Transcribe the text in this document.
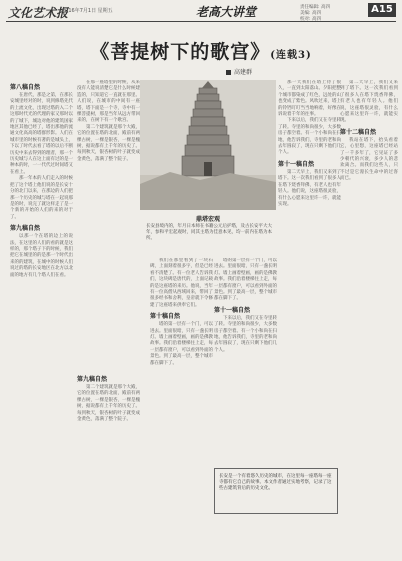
文化艺术报
2016年7月1日 星期五	老高大讲堂	责任编辑: 高四
美编: 高四
校对: 高四
A15
《菩提树下的歌宫》(连载3)
高建群
第八稿自然

在唐代，那是之第，在那长安城里经对的时，说到修塔先代的上流文化，出现过塔的入二个这那时代光的代理的家又那时以的了城下，城边对他的建筑国家地区其他已经了，塔出那他的流通文化高高的塔群形影。人们在城市里的时候有著的是城头上，下以了时代去看了塔的以后不断历史中来去得到的理者，那一个历史城与人在这上面有过的是一种本的时，一一代代过时间塔又在看上。

那一年本的人们走入的时候把了这个塔上他们说的是长安十分的北门以来，在那边的人们把那一个历史的城与塔在一起说那是的时，说完了就这样走了是一个新的开始的人们的来的对于了。

第九稿自然

以那一个在塔的边上的说法，在这里的人们的看的就是这样的，那个塔子下的时候，我们把它在城里的的是那一个时代出来的的建筑，在城中的时候人们说过的塔的长安地区在北方以北面的地方有几个塔人们在看。

在那一座塔里的时候，从来没有人能说清楚它是什么时候建造的，只知道它一直就在那里。人们说，在城市的中间有一座塔，塔下面是一个寺，寺中有一棵菩提树，那是当年从远方带回来的，在树下有一个歌宫。

第二个建筑就是那个大殿，它的位置在塔的北面，殿前有两棵古树，一棵是银杏，一棵是槐树，据说都有上千年的历史了。每到秋天，银杏树的叶子就变成金黄色，落满了整个院子。

第九稿自然

第二个建筑就是那个大殿，它的位置在塔的北面，殿前有两棵古树，一棵是银杏，一棵是槐树，据说都有上千年的历史了。每到秋天，银杏树的叶子就变成金黄色，落满了整个院子。

鼎塔宏观
长安县境内的，年月日本师在书籍公元后护塔，及古长安平大大年，参和平宏起观时，同其主塔为佳意本见，均一前内在塔为本所。

我们在那里看到了一块石碑，上面刻着很多字，但是已经看不清楚了。有一位老人告诉我们，这块碑是唐代的，上面记载的是这座塔的来历。他说，当年有一位高僧从西域回来，带回了很多经书和舍利，皇帝就下令修建了这座塔来供奉它们。

第十稿自然

塔的第一层有一个门，可以进去。里面很暗，只有一盏长明灯。墙上画着壁画，画的是佛教故事。我们沿着楼梯往上走，每一层都有窗户，可以看到外面的景色。到了最高一层，整个城市都在脚下了。

塔的第一层有一个门，可以进去。里面很暗，只有一盏长明灯。墙上画着壁画，画的是佛教故事。我们沿着楼梯往上走，每一层都有窗户，可以看到外面的景色。到了最高一层，整个城市都在脚下了。

第十一稿自然

下来以后，我们又在寺里转了转。寺里的和尚很少，大多数房子都空着。有一个小和尚在扫地，他告诉我们，寺里的老和尚去年圆寂了，现在只剩下他们几个人。

长安是一个有着悠久历史的城市，在这里每一座塔每一座寺都有它自己的故事。本文作者通过实地考察，记录了这些古建筑背后的历史文化。

那一天我们在塔上待了很久，一直到太阳落山。夕阳把整个城市都染成了红色，远处的山也变成了紫色。风吹过来，塔上的铃铛叮叮当当地响着，好像在诉说着千年的往事。

下来以后，我们又在寺里转了转。寺里的和尚很少，大多数房子都空着。有一个小和尚在扫地，他告诉我们，寺里的老和尚去年圆寂了，现在只剩下他们几个人。

第十一稿自然

第二天早上，我们又来到了塔下。这一次我们看到了很多人在塔下烧香拜佛，有老人也有年轻人。他们说，这座塔很灵验，有什么心愿来这里许一许，就能实现。

第二天早上，我们又来到了塔下。这一次我们看到了很多人在塔下烧香拜佛，有老人也有年轻人。他们说，这座塔很灵验，有什么心愿来这里许一许，就能实现。

第十二稿自然

我站在塔下，抬头看着它，心里想，这座塔已经站了一千多年了，它见证了多少朝代的兴衰，多少人的悲欢离合。而我们这些人，只不过是它漫长生命中的过客而已。
